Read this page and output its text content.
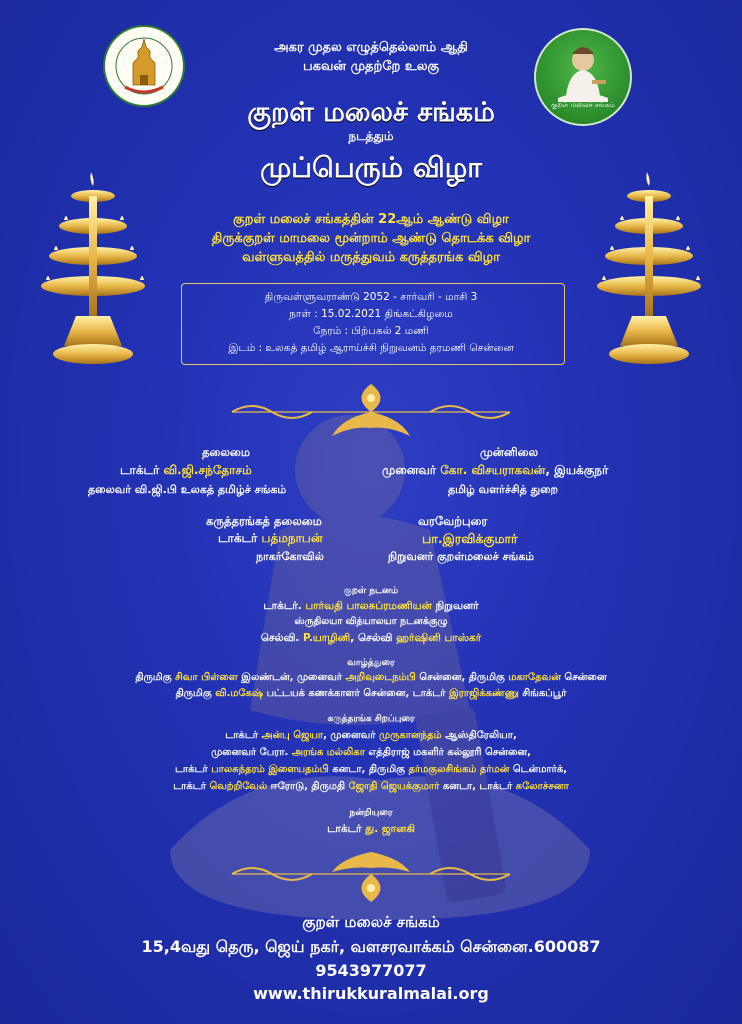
குறள் மலைச் சங்கம்
அகர முதல எழுத்தெல்லாம் ஆதி
பகவன் முதற்றே உலகு
குறள் மலைச் சங்கம்
நடத்தும்
முப்பெரும் விழா
குறள் மலைச் சங்கத்தின் 22ஆம் ஆண்டு விழா
திருக்குறள் மாமலை மூன்றாம் ஆண்டு தொடக்க விழா
வள்ளுவத்தில் மருத்துவம் கருத்தரங்க விழா
திருவள்ளுவராண்டு 2052 - சார்வரி - மாசி 3
நாள் : 15.02.2021 திங்கட்கிழமை
நேரம் : பிற்பகல் 2 மணி
இடம் : உலகத் தமிழ் ஆராய்ச்சி நிறுவனம் தரமணி சென்னை
தலைமை
டாக்டர் வி.ஜி.சந்தோசம்
தலைவர் வி.ஜி.பி உலகத் தமிழ்ச் சங்கம்
முன்னிலை
முனைவர் கோ. விசயராகவன், இயக்குநர்
தமிழ் வளர்ச்சித் துறை
கருத்தரங்கத் தலைமை
டாக்டர் பத்மநாபன்
நாகர்கோவில்
வரவேற்புரை
பா.இரவிக்குமார்
நிறுவனர் குறள்மலைச் சங்கம்
குறள் நடனம்
டாக்டர். பார்வதி பாலசுப்ரமணியன் நிறுவனர்
ஸ்ருதிலயா வித்யாலயா நடனக்குழு
செல்வி. P.யாழினி, செல்வி ஹர்ஷினி பாஸ்கர்
வாழ்த்துரை
திருமிகு சிவா பிள்ளை இலண்டன், முனைவர் அறிவுடைநம்பி சென்னை, திருமிகு மகாதேவன் சென்னை
திருமிகு வி.மகேஷ் பட்டயக் கணக்காளர் சென்னை, டாக்டர் இராஜிக்கண்ணு சிங்கப்பூர்
கருத்தரங்க சிறப்புரை
டாக்டர் அன்பு ஜெயா, முனைவர் முருகானந்தம் ஆஸ்திரேலியா,
முனைவர் பேரா. அரங்க மல்லிகா எத்திராஜ் மகளிர் கல்லூரி சென்னை,
டாக்டர் பாலசுந்தரம் இளையதம்பி கனடா, திருமிகு தர்மகுலசிங்கம் தர்மன் டென்மார்க்,
டாக்டர் வெற்றிவேல் ஈரோடு, திருமதி ஜோதி ஜெயக்குமார் கனடா, டாக்டர் சுலோச்சனா
நன்றியுரை
டாக்டர் து. ஜானகி
குறள் மலைச் சங்கம்
15,4வது தெரு, ஜெய் நகர், வளசரவாக்கம் சென்னை.600087
9543977077
www.thirukkuralmalai.org
